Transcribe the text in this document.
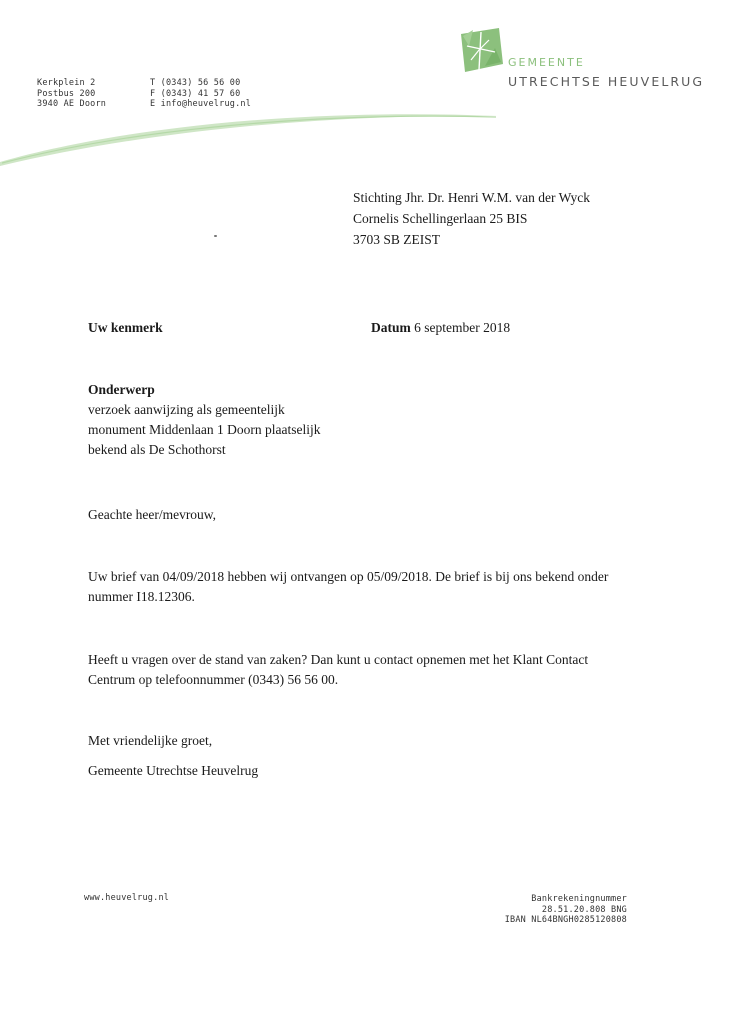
GEMEENTE
UTRECHTSE HEUVELRUG
Kerkplein 2
Postbus 200
3940 AE Doorn
T (0343) 56 56 00
F (0343) 41 57 60
E info@heuvelrug.nl
Stichting Jhr. Dr. Henri W.M. van der Wyck
Cornelis Schellingerlaan 25 BIS
3703 SB ZEIST
Uw kenmerk	Datum 6 september 2018
Onderwerp
verzoek aanwijzing als gemeentelijk
monument Middenlaan 1 Doorn plaatselijk
bekend als De Schothorst
Geachte heer/mevrouw,
Uw brief van 04/09/2018 hebben wij ontvangen op 05/09/2018. De brief is bij ons bekend onder
nummer I18.12306.
Heeft u vragen over de stand van zaken? Dan kunt u contact opnemen met het Klant Contact
Centrum op telefoonnummer (0343) 56 56 00.
Met vriendelijke groet,
Gemeente Utrechtse Heuvelrug
www.heuvelrug.nl	Bankrekeningnummer
28.51.20.808 BNG
IBAN NL64BNGH0285120808
